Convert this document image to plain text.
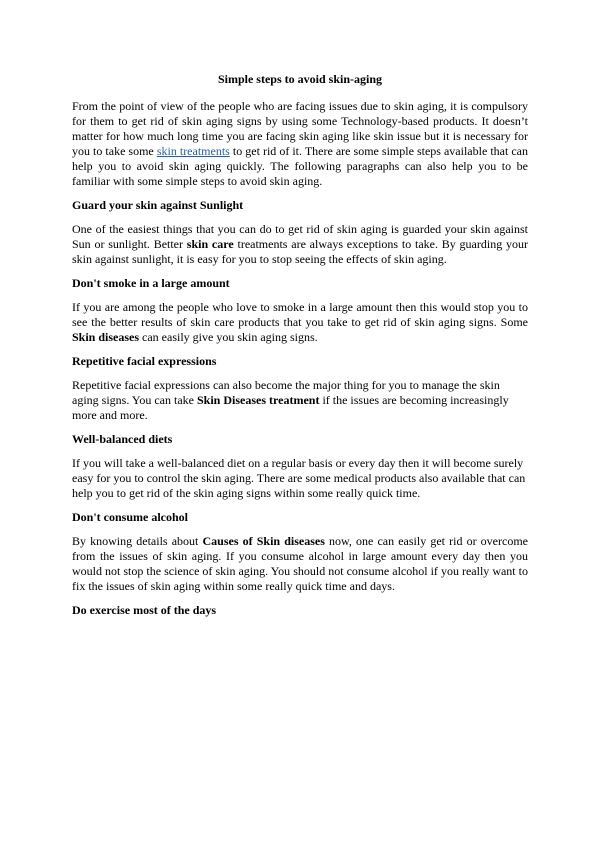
Simple steps to avoid skin-aging

From the point of view of the people who are facing issues due to skin aging, it is compulsory for them to get rid of skin aging signs by using some Technology-based products. It doesn’t matter for how much long time you are facing skin aging like skin issue but it is necessary for you to take some skin treatments to get rid of it. There are some simple steps available that can help you to avoid skin aging quickly. The following paragraphs can also help you to be familiar with some simple steps to avoid skin aging.

Guard your skin against Sunlight

One of the easiest things that you can do to get rid of skin aging is guarded your skin against Sun or sunlight. Better skin care treatments are always exceptions to take. By guarding your skin against sunlight, it is easy for you to stop seeing the effects of skin aging.

Don't smoke in a large amount

If you are among the people who love to smoke in a large amount then this would stop you to see the better results of skin care products that you take to get rid of skin aging signs. Some Skin diseases can easily give you skin aging signs.

Repetitive facial expressions

Repetitive facial expressions can also become the major thing for you to manage the skin aging signs. You can take Skin Diseases treatment if the issues are becoming increasingly more and more.

Well-balanced diets

If you will take a well-balanced diet on a regular basis or every day then it will become surely easy for you to control the skin aging. There are some medical products also available that can help you to get rid of the skin aging signs within some really quick time.

Don't consume alcohol

By knowing details about Causes of Skin diseases now, one can easily get rid or overcome from the issues of skin aging. If you consume alcohol in large amount every day then you would not stop the science of skin aging. You should not consume alcohol if you really want to fix the issues of skin aging within some really quick time and days.

Do exercise most of the days
